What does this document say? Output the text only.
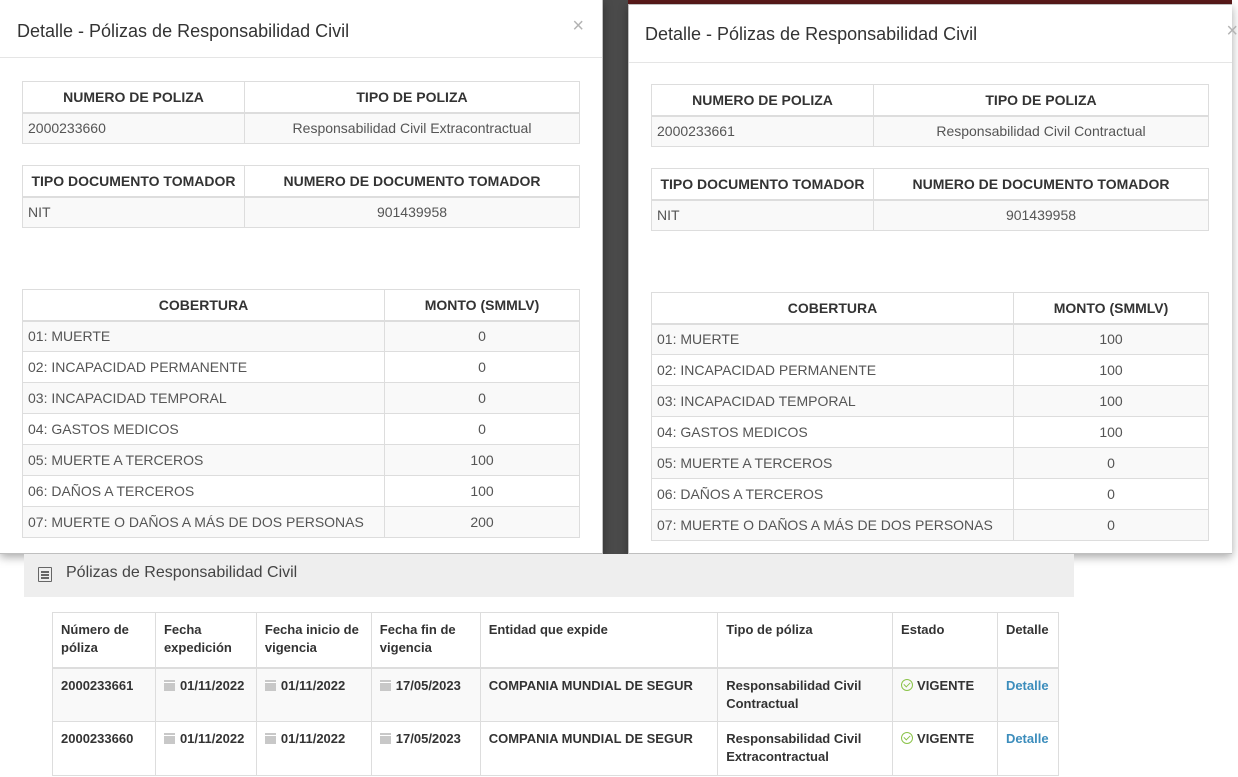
Detalle - Pólizas de Responsabilidad Civil	×
NUMERO DE POLIZA	TIPO DE POLIZA
2000233660	Responsabilidad Civil Extracontractual
TIPO DOCUMENTO TOMADOR	NUMERO DE DOCUMENTO TOMADOR
NIT	901439958
COBERTURA	MONTO (SMMLV)
01: MUERTE	0
02: INCAPACIDAD PERMANENTE	0
03: INCAPACIDAD TEMPORAL	0
04: GASTOS MEDICOS	0
05: MUERTE A TERCEROS	100
06: DAÑOS A TERCEROS	100
07: MUERTE O DAÑOS A MÁS DE DOS PERSONAS	200
Detalle - Pólizas de Responsabilidad Civil	×
NUMERO DE POLIZA	TIPO DE POLIZA
2000233661	Responsabilidad Civil Contractual
TIPO DOCUMENTO TOMADOR	NUMERO DE DOCUMENTO TOMADOR
NIT	901439958
COBERTURA	MONTO (SMMLV)
01: MUERTE	100
02: INCAPACIDAD PERMANENTE	100
03: INCAPACIDAD TEMPORAL	100
04: GASTOS MEDICOS	100
05: MUERTE A TERCEROS	0
06: DAÑOS A TERCEROS	0
07: MUERTE O DAÑOS A MÁS DE DOS PERSONAS	0
Pólizas de Responsabilidad Civil
Número de póliza	Fecha expedición	Fecha inicio de vigencia	Fecha fin de vigencia	Entidad que expide	Tipo de póliza	Estado	Detalle
2000233661	01/11/2022	01/11/2022	17/05/2023	COMPANIA MUNDIAL DE SEGUR	Responsabilidad Civil Contractual	VIGENTE	Detalle
2000233660	01/11/2022	01/11/2022	17/05/2023	COMPANIA MUNDIAL DE SEGUR	Responsabilidad Civil Extracontractual	VIGENTE	Detalle
